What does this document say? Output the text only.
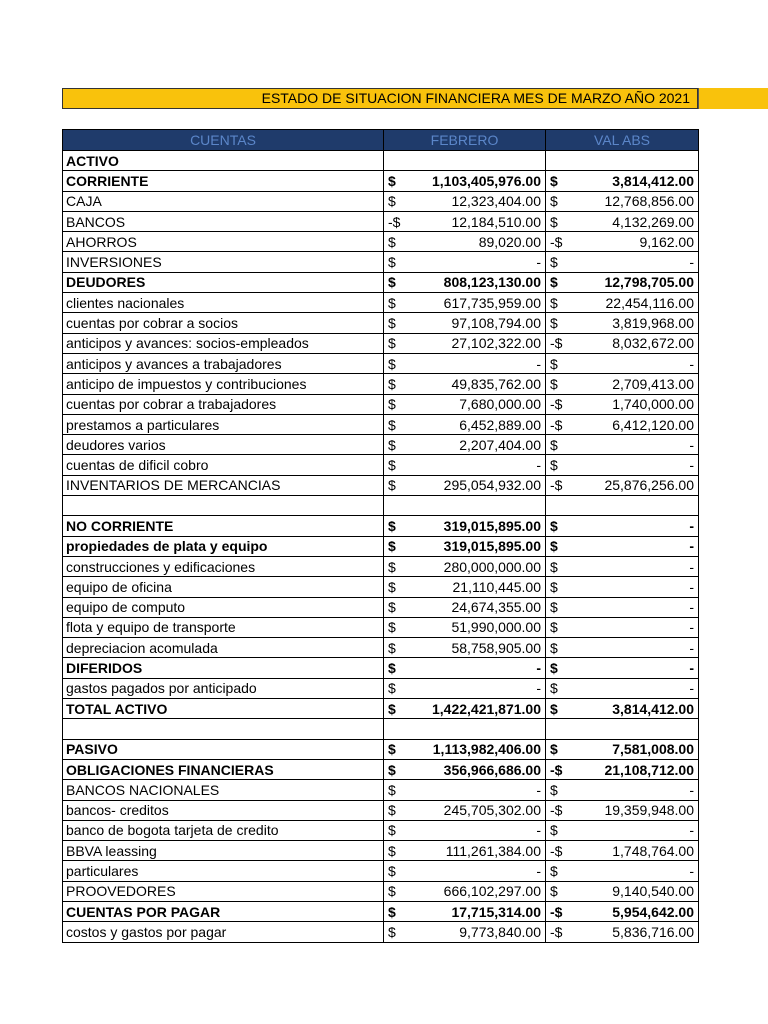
ESTADO DE SITUACION FINANCIERA MES DE MARZO AÑO 2021
CUENTAS	FEBRERO	VAL ABS
ACTIVO	

CORRIENTE	$ 1,103,405,976.00	$ 3,814,412.00

CAJA	$ 12,323,404.00	$ 12,768,856.00

BANCOS	-$ 12,184,510.00	$ 4,132,269.00

AHORROS	$ 89,020.00	-$ 9,162.00

INVERSIONES	$ -	$ -

DEUDORES	$ 808,123,130.00	$ 12,798,705.00

clientes nacionales	$ 617,735,959.00	$ 22,454,116.00

cuentas por cobrar a socios	$ 97,108,794.00	$ 3,819,968.00

anticipos y avances: socios-empleados	$ 27,102,322.00	-$ 8,032,672.00

anticipos y avances a trabajadores	$ -	$ -

anticipo de impuestos y contribuciones	$ 49,835,762.00	$ 2,709,413.00

cuentas por cobrar a trabajadores	$ 7,680,000.00	-$ 1,740,000.00

prestamos a particulares	$ 6,452,889.00	-$ 6,412,120.00

deudores varios	$ 2,207,404.00	$ -

cuentas de dificil cobro	$ -	$ -

INVENTARIOS DE MERCANCIAS	$ 295,054,932.00	-$ 25,876,256.00

NO CORRIENTE	$ 319,015,895.00	$ -

propiedades de plata y equipo	$ 319,015,895.00	$ -

construcciones y edificaciones	$ 280,000,000.00	$ -

equipo de oficina	$ 21,110,445.00	$ -

equipo de computo	$ 24,674,355.00	$ -

flota y equipo de transporte	$ 51,990,000.00	$ -

depreciacion acomulada	$ 58,758,905.00	$ -

DIFERIDOS	$ -	$ -

gastos pagados por anticipado	$ -	$ -

TOTAL ACTIVO	$ 1,422,421,871.00	$ 3,814,412.00

PASIVO	$ 1,113,982,406.00	$ 7,581,008.00

OBLIGACIONES FINANCIERAS	$ 356,966,686.00	-$ 21,108,712.00

BANCOS NACIONALES	$ -	$ -

bancos- creditos	$ 245,705,302.00	-$ 19,359,948.00

banco de bogota tarjeta de credito	$ -	$ -

BBVA leassing	$ 111,261,384.00	-$ 1,748,764.00

particulares	$ -	$ -

PROOVEDORES	$ 666,102,297.00	$ 9,140,540.00

CUENTAS POR PAGAR	$ 17,715,314.00	-$ 5,954,642.00

costos y gastos por pagar	$ 9,773,840.00	-$ 5,836,716.00
